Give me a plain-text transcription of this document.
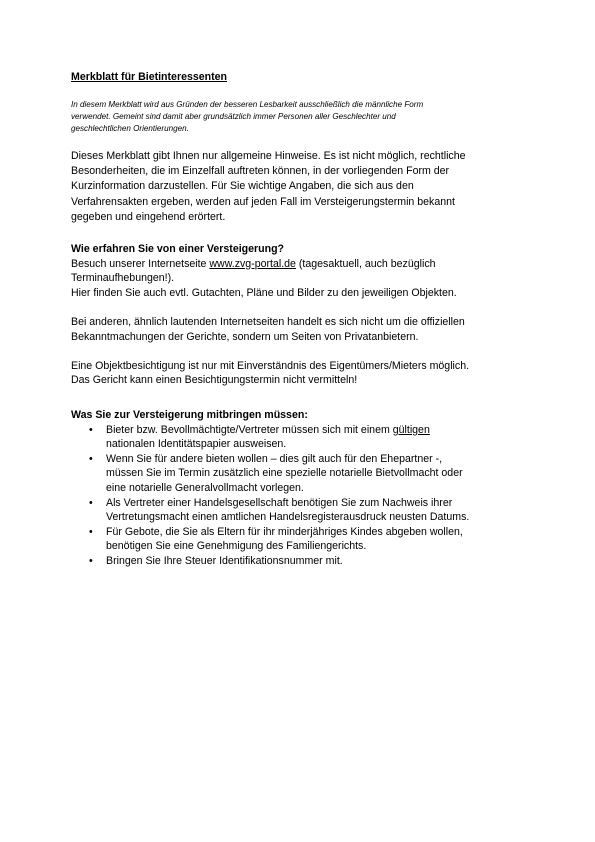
Merkblatt für Bietinteressenten
In diesem Merkblatt wird aus Gründen der besseren Lesbarkeit ausschließlich die männliche Form
verwendet. Gemeint sind damit aber grundsätzlich immer Personen aller Geschlechter und
geschlechtlichen Orientierungen.
Dieses Merkblatt gibt Ihnen nur allgemeine Hinweise. Es ist nicht möglich, rechtliche
Besonderheiten, die im Einzelfall auftreten können, in der vorliegenden Form der
Kurzinformation darzustellen. Für Sie wichtige Angaben, die sich aus den
Verfahrensakten ergeben, werden auf jeden Fall im Versteigerungstermin bekannt
gegeben und eingehend erörtert.
Wie erfahren Sie von einer Versteigerung?
Besuch unserer Internetseite www.zvg-portal.de (tagesaktuell, auch bezüglich
Terminaufhebungen!).
Hier finden Sie auch evtl. Gutachten, Pläne und Bilder zu den jeweiligen Objekten.
Bei anderen, ähnlich lautenden Internetseiten handelt es sich nicht um die offiziellen
Bekanntmachungen der Gerichte, sondern um Seiten von Privatanbietern.
Eine Objektbesichtigung ist nur mit Einverständnis des Eigentümers/Mieters möglich.
Das Gericht kann einen Besichtigungstermin nicht vermitteln!
Was Sie zur Versteigerung mitbringen müssen:
• Bieter bzw. Bevollmächtigte/Vertreter müssen sich mit einem gültigen
nationalen Identitätspapier ausweisen.
• Wenn Sie für andere bieten wollen – dies gilt auch für den Ehepartner -,
müssen Sie im Termin zusätzlich eine spezielle notarielle Bietvollmacht oder
eine notarielle Generalvollmacht vorlegen.
• Als Vertreter einer Handelsgesellschaft benötigen Sie zum Nachweis ihrer
Vertretungsmacht einen amtlichen Handelsregisterausdruck neusten Datums.
• Für Gebote, die Sie als Eltern für ihr minderjähriges Kindes abgeben wollen,
benötigen Sie eine Genehmigung des Familiengerichts.
• Bringen Sie Ihre Steuer Identifikationsnummer mit.
